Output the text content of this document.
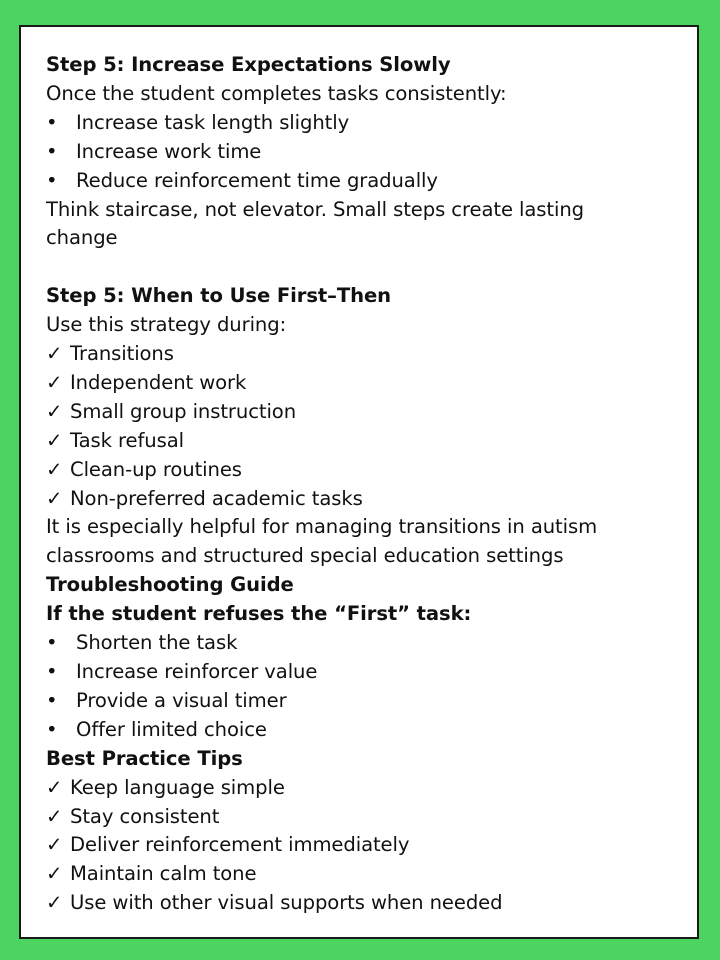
Step 5: Increase Expectations Slowly
Once the student completes tasks consistently:
• Increase task length slightly
• Increase work time
• Reduce reinforcement time gradually
Think staircase, not elevator. Small steps create lasting change
Step 5: When to Use First–Then
Use this strategy during:
✓ Transitions
✓ Independent work
✓ Small group instruction
✓ Task refusal
✓ Clean-up routines
✓ Non-preferred academic tasks
It is especially helpful for managing transitions in autism classrooms and structured special education settings
Troubleshooting Guide
If the student refuses the “First” task:
• Shorten the task
• Increase reinforcer value
• Provide a visual timer
• Offer limited choice
Best Practice Tips
✓ Keep language simple
✓ Stay consistent
✓ Deliver reinforcement immediately
✓ Maintain calm tone
✓ Use with other visual supports when needed
